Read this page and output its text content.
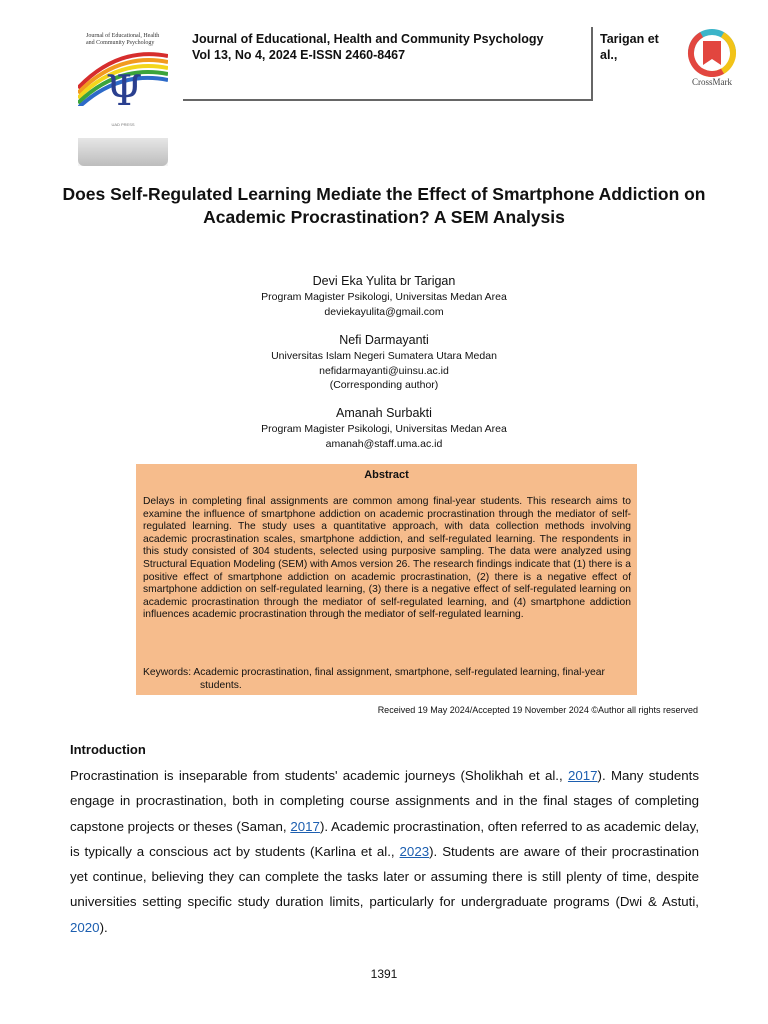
Journal of Educational, Health and Community Psychology
Ψ
UAD PRESS
Journal of Educational, Health and Community Psychology
Vol 13, No 4, 2024 E-ISSN 2460-8467
Tarigan et al.,
CrossMark
Does Self-Regulated Learning Mediate the Effect of Smartphone Addiction on Academic Procrastination? A SEM Analysis
Devi Eka Yulita br Tarigan
Program Magister Psikologi, Universitas Medan Area
deviekayulita@gmail.com
Nefi Darmayanti
Universitas Islam Negeri Sumatera Utara Medan
nefidarmayanti@uinsu.ac.id
(Corresponding author)
Amanah Surbakti
Program Magister Psikologi, Universitas Medan Area
amanah@staff.uma.ac.id
Abstract
Delays in completing final assignments are common among final-year students. This research aims to examine the influence of smartphone addiction on academic procrastination through the mediator of self-regulated learning. The study uses a quantitative approach, with data collection methods involving academic procrastination scales, smartphone addiction, and self-regulated learning. The respondents in this study consisted of 304 students, selected using purposive sampling. The data were analyzed using Structural Equation Modeling (SEM) with Amos version 26. The research findings indicate that (1) there is a positive effect of smartphone addiction on academic procrastination, (2) there is a negative effect of smartphone addiction on self-regulated learning, (3) there is a negative effect of self-regulated learning on academic procrastination through the mediator of self-regulated learning, and (4) smartphone addiction influences academic procrastination through the mediator of self-regulated learning.
Keywords: Academic procrastination, final assignment, smartphone, self-regulated learning, final-year
students.
Received 19 May 2024/Accepted 19 November 2024 ©Author all rights reserved
Introduction
Procrastination is inseparable from students' academic journeys (Sholikhah et al., 2017). Many students engage in procrastination, both in completing course assignments and in the final stages of completing capstone projects or theses (Saman, 2017). Academic procrastination, often referred to as academic delay, is typically a conscious act by students (Karlina et al., 2023). Students are aware of their procrastination yet continue, believing they can complete the tasks later or assuming there is still plenty of time, despite universities setting specific study duration limits, particularly for undergraduate programs (Dwi & Astuti, 2020).
1391
